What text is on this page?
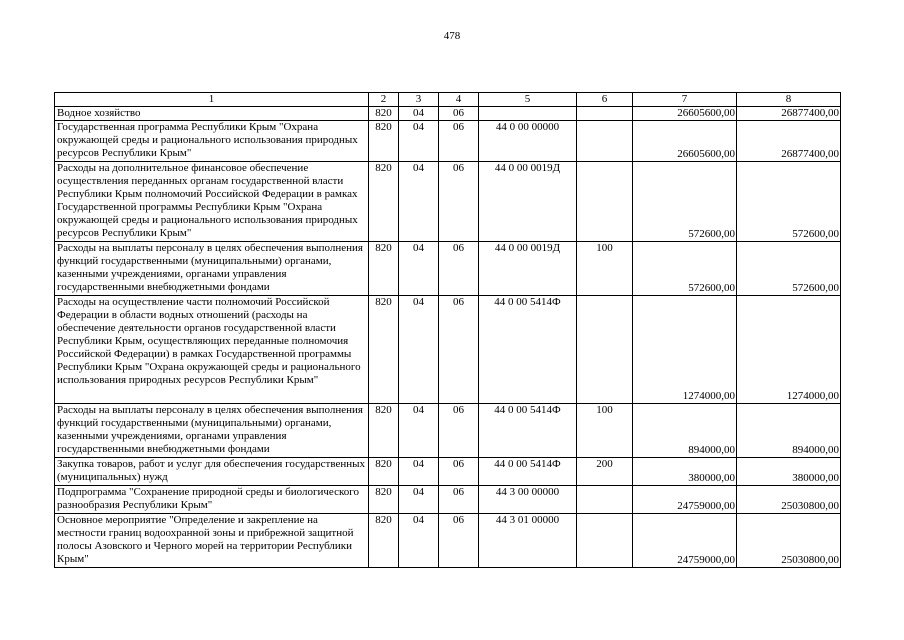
478
1	2	3	4	5	6	7	8
Водное хозяйство	820	04	06			26605600,00	26877400,00
Государственная программа Республики Крым "Охрана окружающей среды и рационального использования природных ресурсов Республики Крым"	820	04	06	44 0 00 00000		26605600,00	26877400,00
Расходы на дополнительное финансовое обеспечение осуществления переданных органам государственной власти Республики Крым полномочий Российской Федерации в рамках Государственной программы Республики Крым "Охрана окружающей среды и рационального использования природных ресурсов Республики Крым"	820	04	06	44 0 00 0019Д		572600,00	572600,00
Расходы на выплаты персоналу в целях обеспечения выполнения функций государственными (муниципальными) органами, казенными учреждениями, органами управления государственными внебюджетными фондами	820	04	06	44 0 00 0019Д	100	572600,00	572600,00
Расходы на осуществление части полномочий Российской Федерации в области водных отношений (расходы на обеспечение деятельности органов государственной власти Республики Крым, осуществляющих переданные полномочия Российской Федерации) в рамках Государственной программы Республики Крым "Охрана окружающей среды и рационального использования природных ресурсов Республики Крым"	820	04	06	44 0 00 5414Ф		1274000,00	1274000,00
Расходы на выплаты персоналу в целях обеспечения выполнения функций государственными (муниципальными) органами, казенными учреждениями, органами управления государственными внебюджетными фондами	820	04	06	44 0 00 5414Ф	100	894000,00	894000,00
Закупка товаров, работ и услуг для обеспечения государственных (муниципальных) нужд	820	04	06	44 0 00 5414Ф	200	380000,00	380000,00
Подпрограмма "Сохранение природной среды и биологического разнообразия Республики Крым"	820	04	06	44 3 00 00000		24759000,00	25030800,00
Основное мероприятие "Определение и закрепление на местности границ водоохранной зоны и прибрежной защитной полосы Азовского и Черного морей на территории Республики Крым"	820	04	06	44 3 01 00000		24759000,00	25030800,00
